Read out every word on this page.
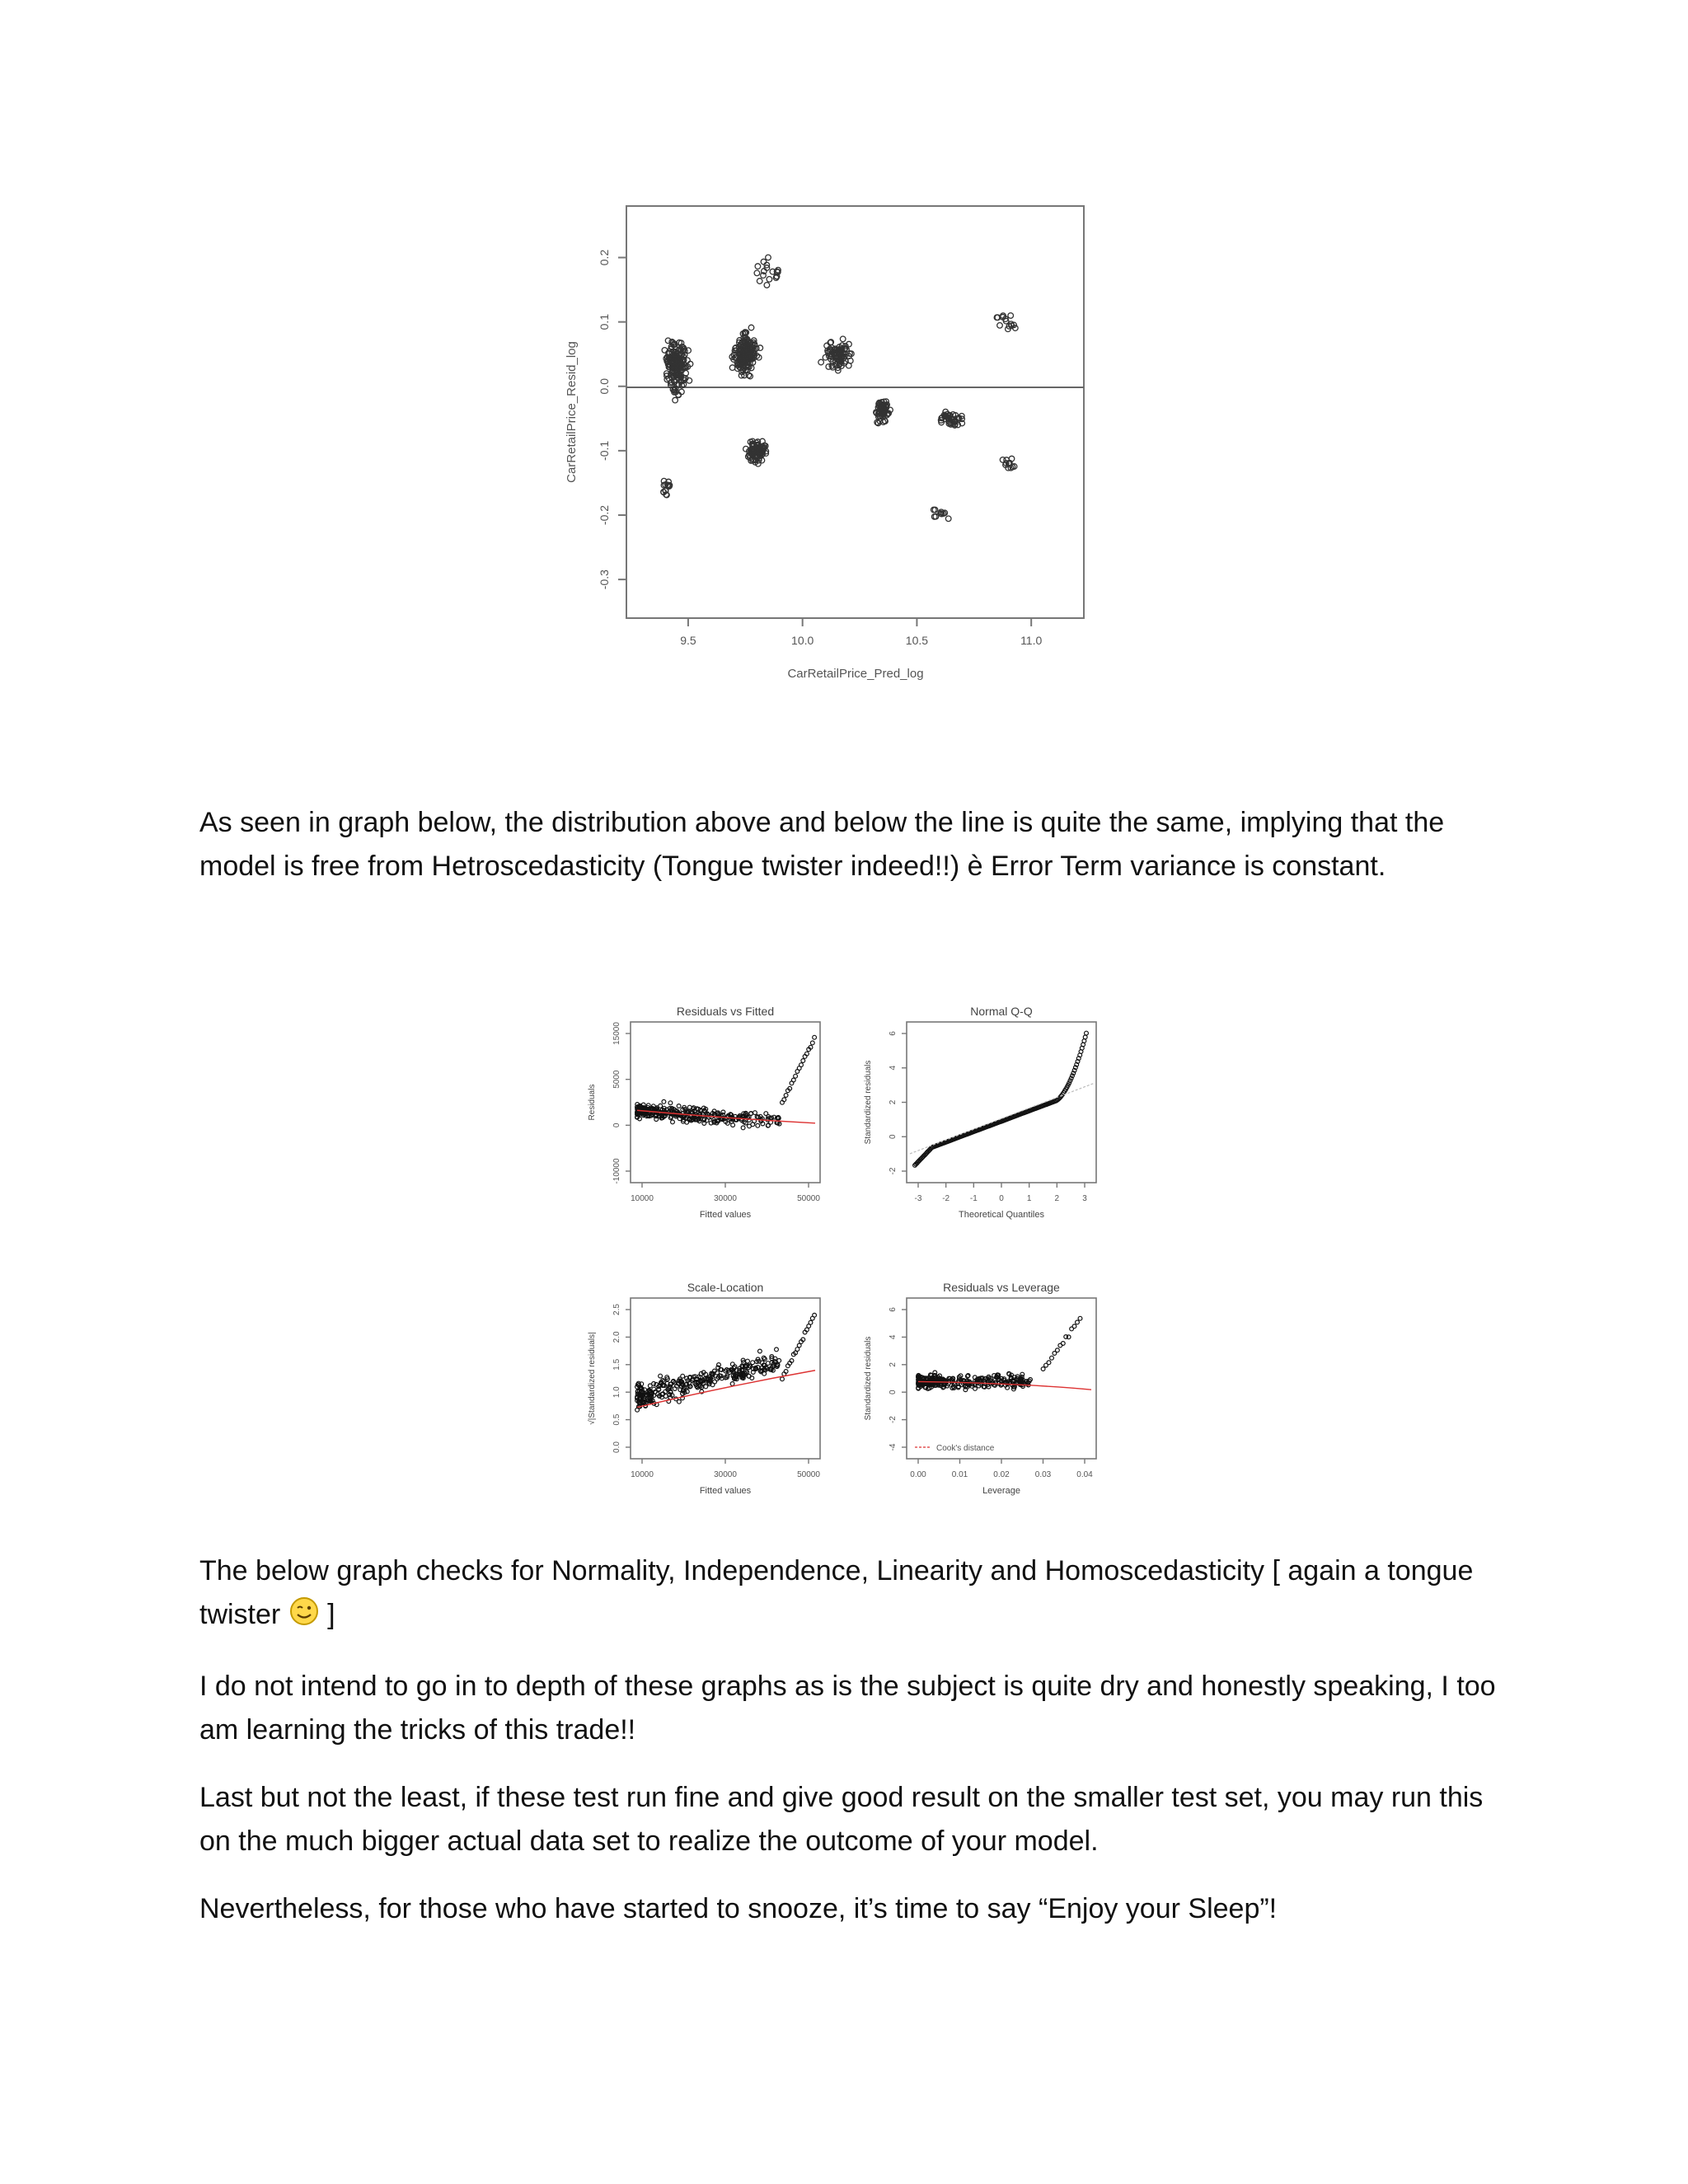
9.5	10.0	10.5	11.0
-0.3
-0.2
-0.1
0.0
0.1
0.2
CarRetailPrice_Pred_log
CarRetailPrice_Resid_log

As seen in graph below, the distribution above and below the line is quite the same, implying that the model is free from Hetroscedasticity (Tongue twister indeed!!) è Error Term variance is constant.

Residuals vs Fitted
10000	30000	50000
-10000
0
5000
15000
Fitted values
Residuals
Normal Q-Q
-3 -2 -1	0	1	2	3
-2
0
2
4
6
Theoretical Quantiles
Standardized residuals
Scale-Location
10000	30000	50000
0.0
0.5
1.0
1.5
2.0
2.5
Fitted values
√|Standardized residuals|
Residuals vs Leverage
0.00	0.01	0.02	0.03	0.04
-4
-2
0
2
4
6
Leverage
Standardized residuals
Cook's distance

The below graph checks for Normality, Independence, Linearity and Homoscedasticity [ again a tongue twister  ]

I do not intend to go in to depth of these graphs as is the subject is quite dry and honestly speaking, I too am learning the tricks of this trade!!

Last but not the least, if these test run fine and give good result on the smaller test set, you may run this on the much bigger actual data set to realize the outcome of your model.

Nevertheless, for those who have started to snooze, it’s time to say “Enjoy your Sleep”!
